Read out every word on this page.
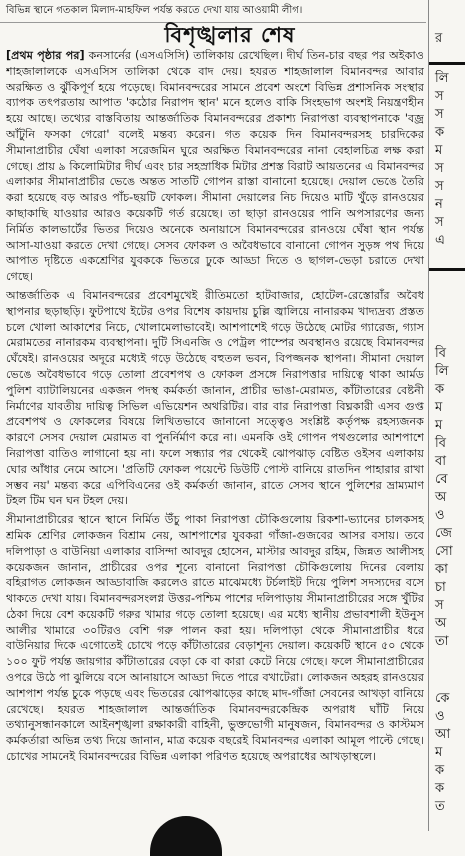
বিভিন্ন স্থানে গতকাল মিলাদ-মাহফিল পর্যন্ত করতে দেখা যায় আওয়ামী লীগ।
বিশৃঙ্খলার শেষ

[প্রথম পৃষ্ঠার পর] কনসার্নের (এসএসিসি) তালিকায় রেখেছিল। দীর্ঘ তিন-চার বছর পর অইকাও শাহজালালকে এসএসিস তালিকা থেকে বাদ দেয়। হযরত শাহজালাল বিমানবন্দর আবার অরক্ষিত ও ঝুঁকিপূর্ণ হয়ে পড়েছে। বিমানবন্দরের সামনে প্রবেশ অংশে বিভিন্ন প্রশাসনিক সংস্থার ব্যাপক তৎপরতায় আপাত 'কঠোর নিরাপদ স্থান' মনে হলেও বাকি সিংহভাগ অংশই নিয়ন্ত্রণহীন হয়ে আছে। তথ্যের বাস্তবিতায় আন্তর্জাতিক বিমানবন্দরের প্রকাশ্য নিরাপত্তা ব্যবস্থাপনাকে 'বজ্র আঁটুনি ফসকা গেরো' বলেই মন্তব্য করেন। গত কয়েক দিন বিমানবন্দরসহ চারদিকের সীমানাপ্রাচীর ঘেঁষা এলাকা সরেজমিন ঘুরে অরক্ষিত বিমানবন্দরের নানা বেহালচিত্র লক্ষ করা গেছে। প্রায় ৯ কিলোমিটার দীর্ঘ এবং চার সহস্রাধিক মিটার প্রশস্ত বিরাট আয়তনের এ বিমানবন্দর এলাকার সীমানাপ্রাচীর ভেঙে অন্তত সাতটি গোপন রাস্তা বানানো হয়েছে। দেয়াল ভেঙে তৈরি করা হয়েছে বড় আরও পাঁচ-ছয়টি ফোকল। সীমানা দেয়ালের নিচ দিয়েও মাটি খুঁড়ে রানওয়ের কাছাকাছি যাওয়ার আরও কয়েকটি গর্ত রয়েছে। তা ছাড়া রানওয়ের পানি অপসারণের জন্য নির্মিত কালভার্টের ভিতর দিয়েও অনেকে অনায়াসে বিমানবন্দরের রানওয়ে ঘেঁষা স্থান পর্যন্ত আসা-যাওয়া করতে দেখা গেছে। সেসব ফোকল ও অবৈধভাবে বানানো গোপন সুড়ঙ্গ পথ দিয়ে আপাত দৃষ্টিতে একশ্রেণির যুবককে ভিতরে ঢুকে আড্ডা দিতে ও ছাগল-ভেড়া চরাতে দেখা গেছে।

আন্তর্জাতিক এ বিমানবন্দরের প্রবেশমুখেই রীতিমতো হাটবাজার, হোটেল-রেস্তোরাঁর অবৈধ স্থাপনার ছড়াছড়ি। ফুটপাথে ইটের ওপর বিশেষ কায়দায় চুল্লি জ্বালিয়ে নানারকম খাদ্যদ্রব্য প্রস্তত চলে খোলা আকাশের নিচে, খোলামেলাভাবেই। আশপাশেই গড়ে উঠেছে মোটর গ্যারেজ, গ্যাস মেরামতের নানারকম ব্যবস্থাপনা। দুটি সিএনজি ও পেট্রল পাম্পের অবস্থানও রয়েছে বিমানবন্দর ঘেঁষেই। রানওয়ের অদূরে মধ্যেই গড়ে উঠেছে বহুতল ভবন, বিপজ্জনক স্থাপনা। সীমানা দেয়াল ভেঙে অবৈধভাবে গড়ে তোলা প্রবেশপথ ও ফোকল প্রসঙ্গে নিরাপত্তার দায়িত্বে থাকা আর্মড পুলিশ ব্যাটালিয়নের একজন পদস্থ কর্মকর্তা জানান, প্রাচীর ভাঙা-মেরামত, কাঁটাতারের বেষ্টনী নির্মাণের যাবতীয় দায়িত্ব সিভিল এভিয়েশন অথরিটির। বার বার নিরাপত্তা বিঘ্নকারী এসব গুপ্ত প্রবেশপথ ও ফোকলের বিষয়ে লিখিতভাবে জানানো সত্ত্বেও সংশ্লিষ্ট কর্তৃপক্ষ রহস্যজনক কারণে সেসব দেয়াল মেরামত বা পুনর্নির্মাণ করে না। এমনকি ওই গোপন পথগুলোর আশপাশে নিরাপত্তা বাতিও লাগানো হয় না। ফলে সন্ধ্যার পর থেকেই ঝোপঝাড় বেষ্টিত ওইসব এলাকায় ঘোর আঁধার নেমে আসে। 'প্রতিটি ফোকল পয়েন্টে ডিউটি পোস্ট বানিয়ে রাতদিন পাহারার রাখা সম্ভব নয়' মন্তব্য করে এপিবিএনের ওই কর্মকর্তা জানান, রাতে সেসব স্থানে পুলিশের ভ্রাম্যমাণ টহল টিম ঘন ঘন টহল দেয়।

সীমানাপ্রাচীরের স্থানে স্থানে নির্মিত উঁচু পাকা নিরাপত্তা চৌকিগুলোয় রিকশা-ভ্যানের চালকসহ শ্রমিক শ্রেণির লোকজন বিশ্রাম নেয়, আশপাশের যুবকরা গাঁজা-গুজবের আসর বসায়। তবে দলিপাড়া ও বাউনিয়া এলাকার বাসিন্দা আবদুর হোসেন, মাস্টার আবদুর রহিম, জিন্নত আলীসহ কয়েকজন জানান, প্রাচীরের ওপর শূন্যে বানানো নিরাপত্তা চৌকিগুলোয় দিনের বেলায় বহিরাগত লোকজন আড্ডাবাজি করলেও রাতে মাঝেমধ্যে টর্চলাইট দিয়ে পুলিশ সদস্যদের বসে থাকতে দেখা যায়। বিমানবন্দরসংলগ্ন উত্তর-পশ্চিম পাশের দলিপাড়ায় সীমানাপ্রাচীরের সঙ্গে খুঁটির ঠেকা দিয়ে বেশ কয়েকটি গরুর খামার গড়ে তোলা হয়েছে। এর মধ্যে স্থানীয় প্রভাবশালী ইউনুস আলীর খামারে ৩০টিরও বেশি গরু পালন করা হয়। দলিপাড়া থেকে সীমানাপ্রাচীর ধরে বাউনিয়ার দিকে এগোতেই চোখে পড়ে কাঁটাতারের বেড়াশূন্য দেয়াল। কয়েকটি স্থানে ৫০ থেকে ১০০ ফুট পর্যন্ত জায়গার কাঁটাতারের বেড়া কে বা কারা কেটে নিয়ে গেছে। ফলে সীমানাপ্রাচীরের ওপরে উঠে পা ঝুলিয়ে বসে আনায়াসে আড্ডা দিতে পারে বখাটেরা। লোকজন অহরহ রানওয়ের আশপাশ পর্যন্ত চুকে পড়ছে এবং ভিতরের ঝোপঝাড়ের কাছে মাদ-গাঁজা সেবনের আখড়া বানিয়ে রেখেছে। হযরত শাহজালাল আন্তর্জাতিক বিমানবন্দরকেন্দ্রিক অপরাধ ঘাঁটি নিয়ে তথ্যানুসন্ধানকালে আইনশৃঙ্খলা রক্ষাকারী বাহিনী, ভুক্তভোগী মানুষজন, বিমানবন্দর ও কাস্টমস কর্মকর্তারা অভিন্ন তথ্য দিয়ে জানান, মাত্র কয়েক বছরেই বিমানবন্দর এলাকা আমূল পাল্টে গেছে। চোখের সামনেই বিমানবন্দরের বিভিন্ন এলাকা পরিণত হয়েছে অপরাধের আখড়াস্থলে।

র
লি
স
স
ক
ম
স
স
ন
স
এ
বি
লি
ক
ম
ম
বি
বা
বে
অ
ও
জে
সো
কা
চা
স
অ
তা
কে
ও
আ
ম
ক
ক
ত
